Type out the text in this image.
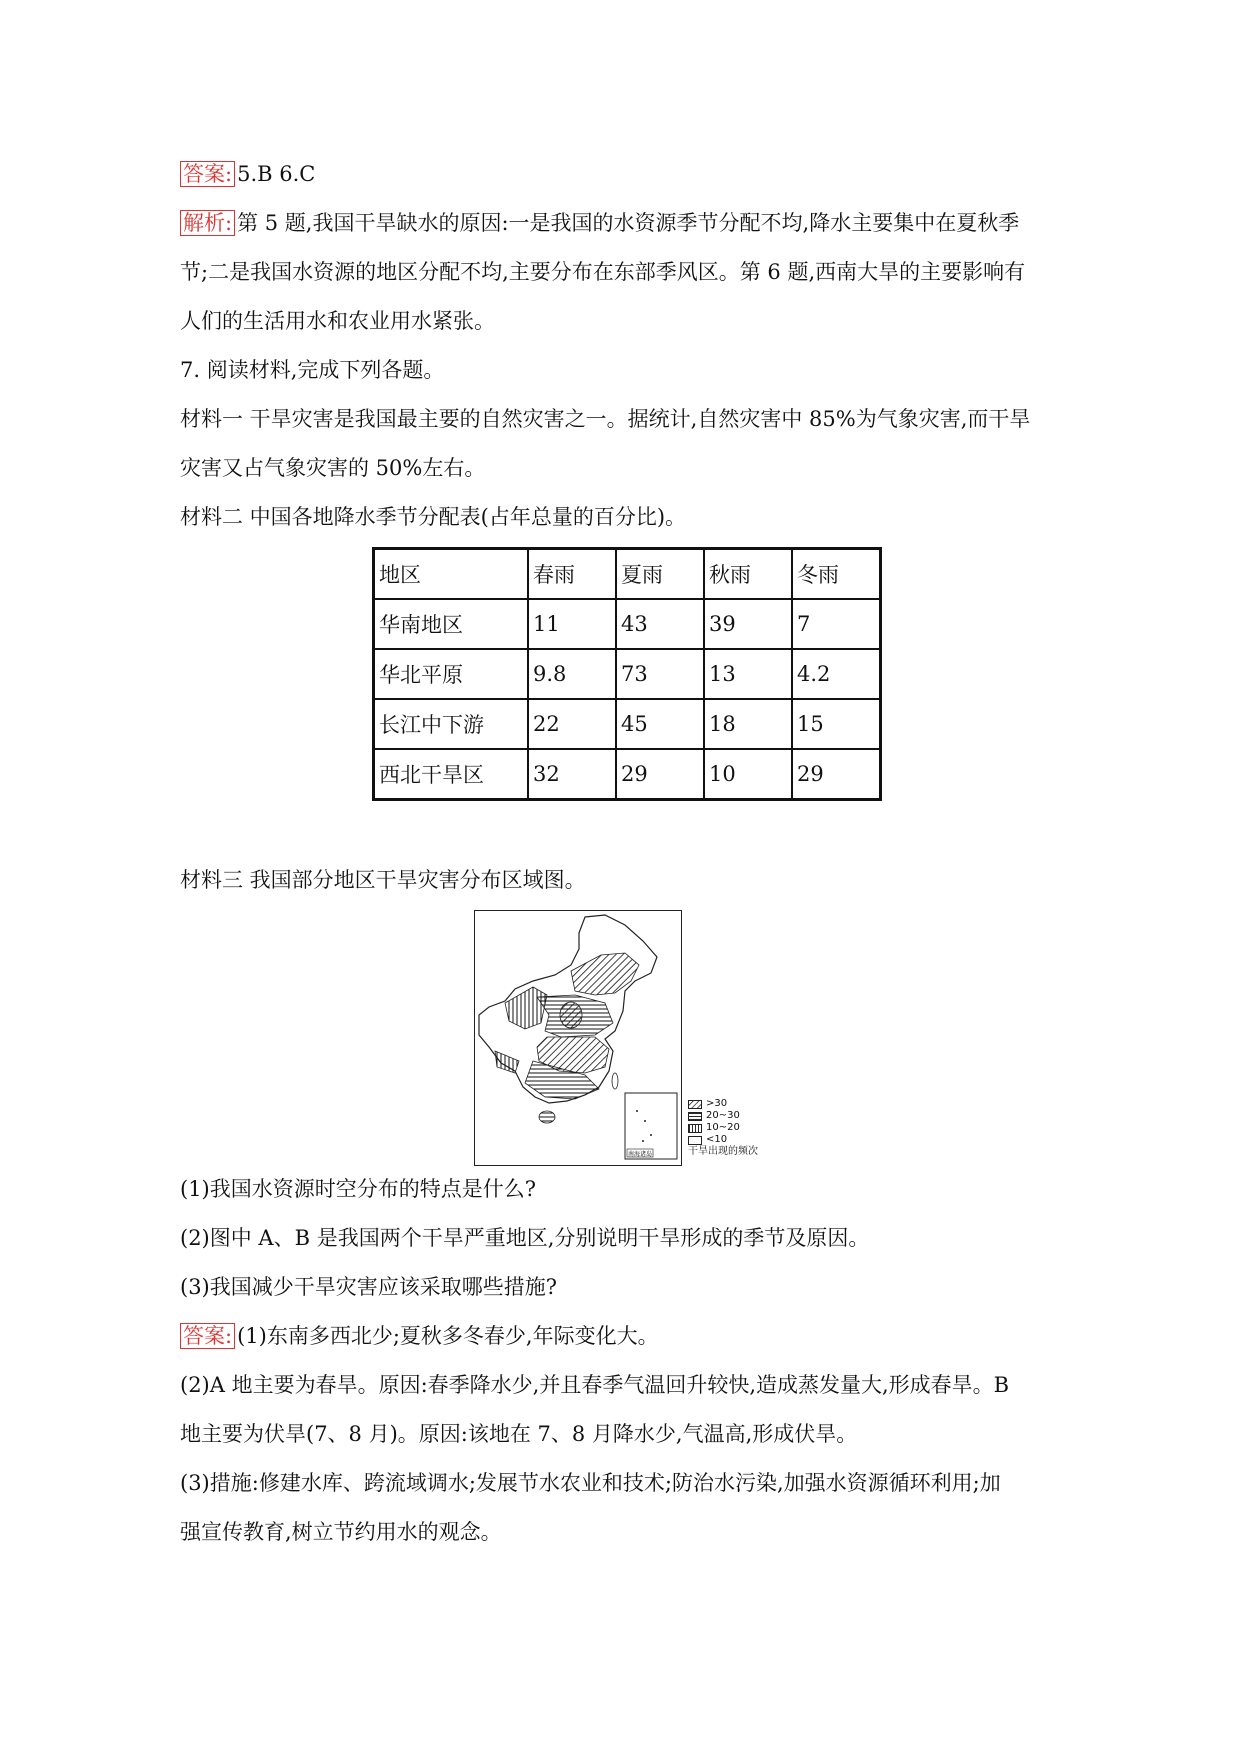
答案: 5.B 6.C
解析: 第 5 题,我国干旱缺水的原因:一是我国的水资源季节分配不均,降水主要集中在夏秋季
节;二是我国水资源的地区分配不均,主要分布在东部季风区。第 6 题,西南大旱的主要影响有
人们的生活用水和农业用水紧张。
7. 阅读材料,完成下列各题。
材料一 干旱灾害是我国最主要的自然灾害之一。据统计,自然灾害中 85%为气象灾害,而干旱
灾害又占气象灾害的 50%左右。
材料二 中国各地降水季节分配表(占年总量的百分比)。
地区	春雨	夏雨	秋雨	冬雨
华南地区	11	43	39	7
华北平原	9.8	73	13	4.2
长江中下游	22	45	18	15
西北干旱区	32	29	10	29
材料三 我国部分地区干旱灾害分布区域图。
南海诸岛
>30
20~30
10~20
<10
干旱出现的频次
(1)我国水资源时空分布的特点是什么?
(2)图中 A、B 是我国两个干旱严重地区,分别说明干旱形成的季节及原因。
(3)我国减少干旱灾害应该采取哪些措施?
答案: (1)东南多西北少;夏秋多冬春少,年际变化大。
(2)A 地主要为春旱。原因:春季降水少,并且春季气温回升较快,造成蒸发量大,形成春旱。B
地主要为伏旱(7、8 月)。原因:该地在 7、8 月降水少,气温高,形成伏旱。
(3)措施:修建水库、跨流域调水;发展节水农业和技术;防治水污染,加强水资源循环利用;加
强宣传教育,树立节约用水的观念。
